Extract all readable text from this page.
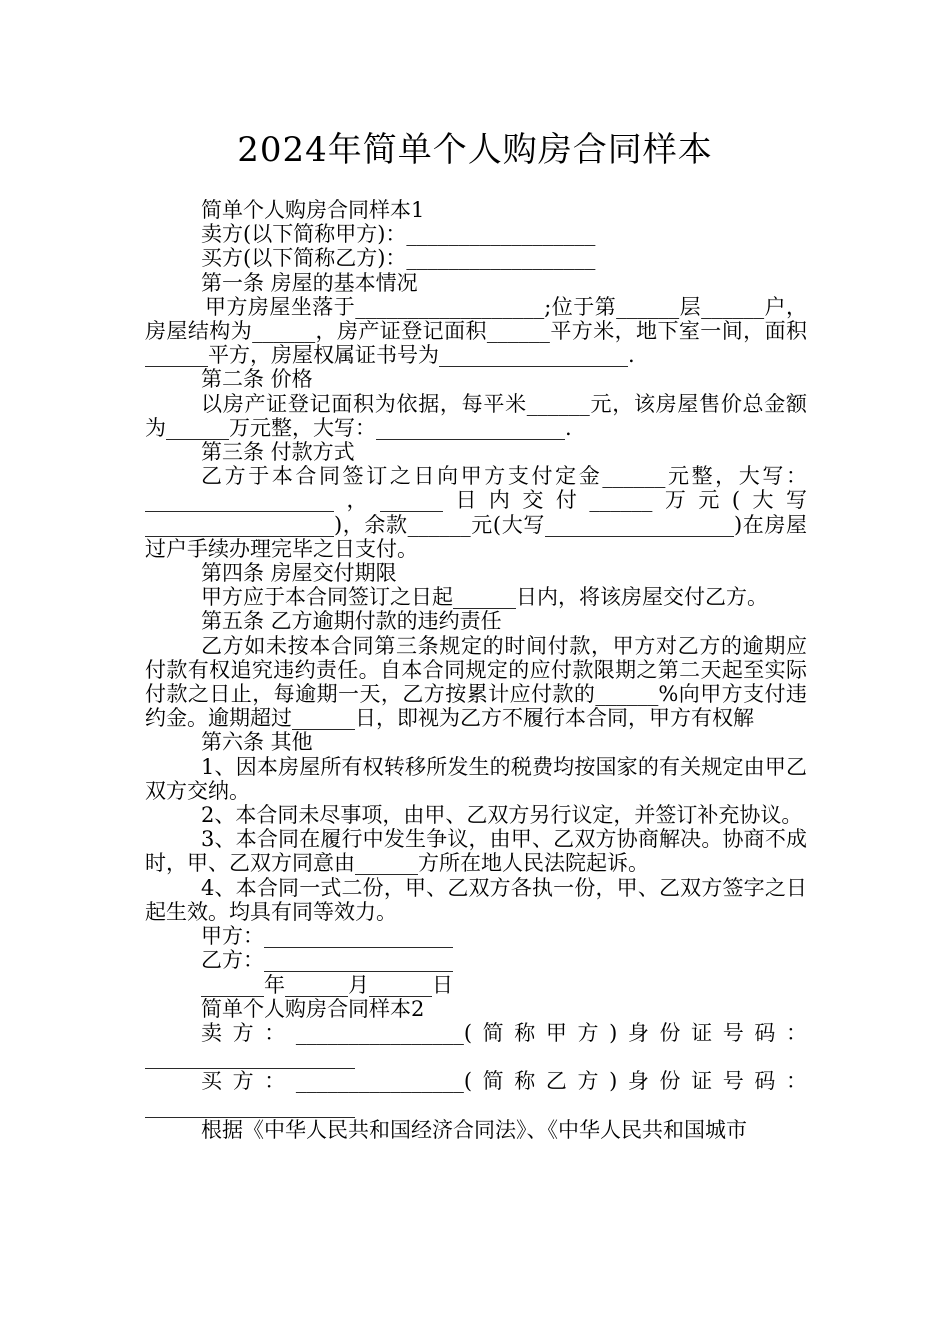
2024年简单个人购房合同样本

简单个人购房合同样本1

卖方(以下简称甲方)：__________________

买方(以下简称乙方)：__________________

第一条 房屋的基本情况

甲方房屋坐落于__________________;位于第______层______户，房屋结构为______，房产证登记面积______平方米，地下室一间，面积______平方，房屋权属证书号为__________________.

第二条 价格

以房产证登记面积为依据，每平米______元，该房屋售价总金额为______万元整，大写：__________________.

第三条 付款方式

乙方于本合同签订之日向甲方支付定金______元整，大写：__________________，______日内交付______万元(大写__________________)，余款______元(大写__________________)在房屋过户手续办理完毕之日支付。

第四条 房屋交付期限

甲方应于本合同签订之日起______日内，将该房屋交付乙方。

第五条 乙方逾期付款的违约责任

乙方如未按本合同第三条规定的时间付款，甲方对乙方的逾期应付款有权追究违约责任。自本合同规定的应付款限期之第二天起至实际付款之日止，每逾期一天，乙方按累计应付款的______%向甲方支付违约金。逾期超过______日，即视为乙方不履行本合同，甲方有权解

第六条 其他

1、因本房屋所有权转移所发生的税费均按国家的有关规定由甲乙双方交纳。

2、本合同未尽事项，由甲、乙双方另行议定，并签订补充协议。

3、本合同在履行中发生争议，由甲、乙双方协商解决。协商不成时，甲、乙双方同意由______方所在地人民法院起诉。

4、本合同一式二份，甲、乙双方各执一份，甲、乙双方签字之日起生效。均具有同等效力。

甲方：__________________

乙方：__________________

______年______月______日

简单个人购房合同样本2

卖方：________________(简称甲方)身份证号码：____________________

买方：________________(简称乙方)身份证号码：____________________

根据《中华人民共和国经济合同法》、《中华人民共和国城市
